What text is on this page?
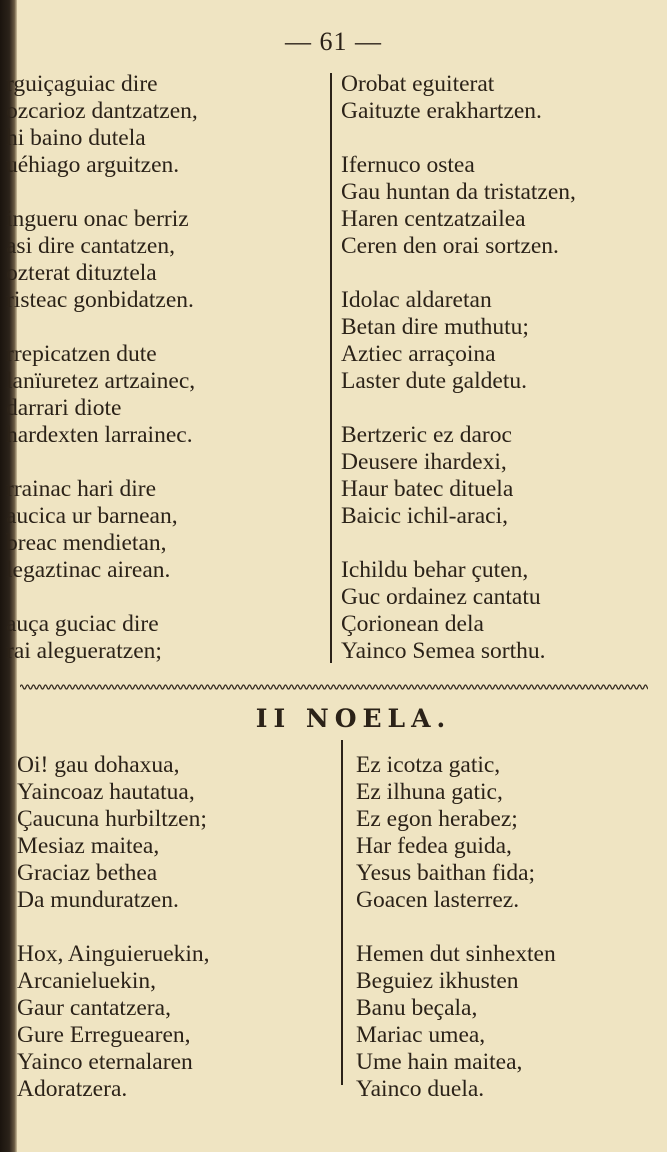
— 61 —
rguiçaguiac dire
ozcarioz dantzatzen,
hi baino dutela
uéhiago arguitzen.
ingueru onac berriz
asi dire cantatzen,
ozterat dituztela
risteac gonbidatzen.
rrepicatzen dute
lanïuretez artzainec,
darrari diote
hardexten larrainec.
rrainac hari dire
aucica ur barnean,
breac mendietan,
legaztinac airean.
auça guciac dire
rai alegueratzen;
Orobat eguiterat
Gaituzte erakhartzen.
Ifernuco ostea
Gau huntan da tristatzen,
Haren centzatzailea
Ceren den orai sortzen.
Idolac aldaretan
Betan dire muthutu;
Aztiec arraçoina
Laster dute galdetu.
Bertzeric ez daroc
Deusere ihardexi,
Haur batec dituela
Baicic ichil-araci,
Ichildu behar çuten,
Guc ordainez cantatu
Çorionean dela
Yainco Semea sorthu.
II NOELA.
Oi! gau dohaxua,
Yaincoaz hautatua,
Çaucuna hurbiltzen;
Mesiaz maitea,
Graciaz bethea
Da munduratzen.
Hox, Ainguieruekin,
Arcanieluekin,
Gaur cantatzera,
Gure Erreguearen,
Yainco eternalaren
Adoratzera.
Ez icotza gatic,
Ez ilhuna gatic,
Ez egon herabez;
Har fedea guida,
Yesus baithan fida;
Goacen lasterrez.
Hemen dut sinhexten
Beguiez ikhusten
Banu beçala,
Mariac umea,
Ume hain maitea,
Yainco duela.
